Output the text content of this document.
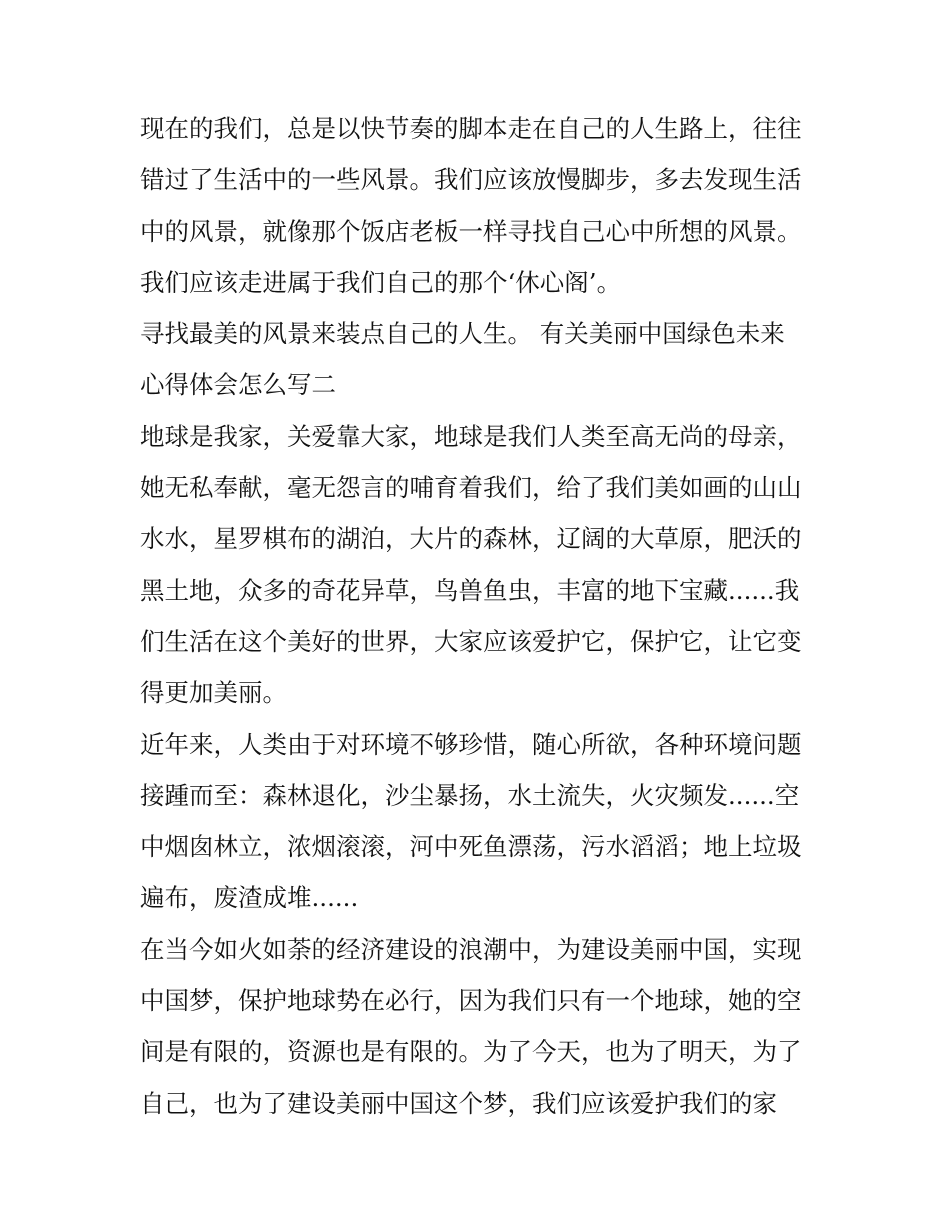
现在的我们，总是以快节奏的脚本走在自己的人生路上，往往
错过了生活中的一些风景。我们应该放慢脚步，多去发现生活
中的风景，就像那个饭店老板一样寻找自己心中所想的风景。
我们应该走进属于我们自己的那个‘休心阁’。
寻找最美的风景来装点自己的人生。 有关美丽中国绿色未来
心得体会怎么写二
地球是我家，关爱靠大家，地球是我们人类至高无尚的母亲，
她无私奉献，毫无怨言的哺育着我们，给了我们美如画的山山
水水，星罗棋布的湖泊，大片的森林，辽阔的大草原，肥沃的
黑土地，众多的奇花异草，鸟兽鱼虫，丰富的地下宝藏......我
们生活在这个美好的世界，大家应该爱护它，保护它，让它变
得更加美丽。
近年来，人类由于对环境不够珍惜，随心所欲，各种环境问题
接踵而至：森林退化，沙尘暴扬，水土流失，火灾频发......空
中烟囱林立，浓烟滚滚，河中死鱼漂荡，污水滔滔；地上垃圾
遍布，废渣成堆......
在当今如火如荼的经济建设的浪潮中，为建设美丽中国，实现
中国梦，保护地球势在必行，因为我们只有一个地球，她的空
间是有限的，资源也是有限的。为了今天，也为了明天，为了
自己，也为了建设美丽中国这个梦，我们应该爱护我们的家
